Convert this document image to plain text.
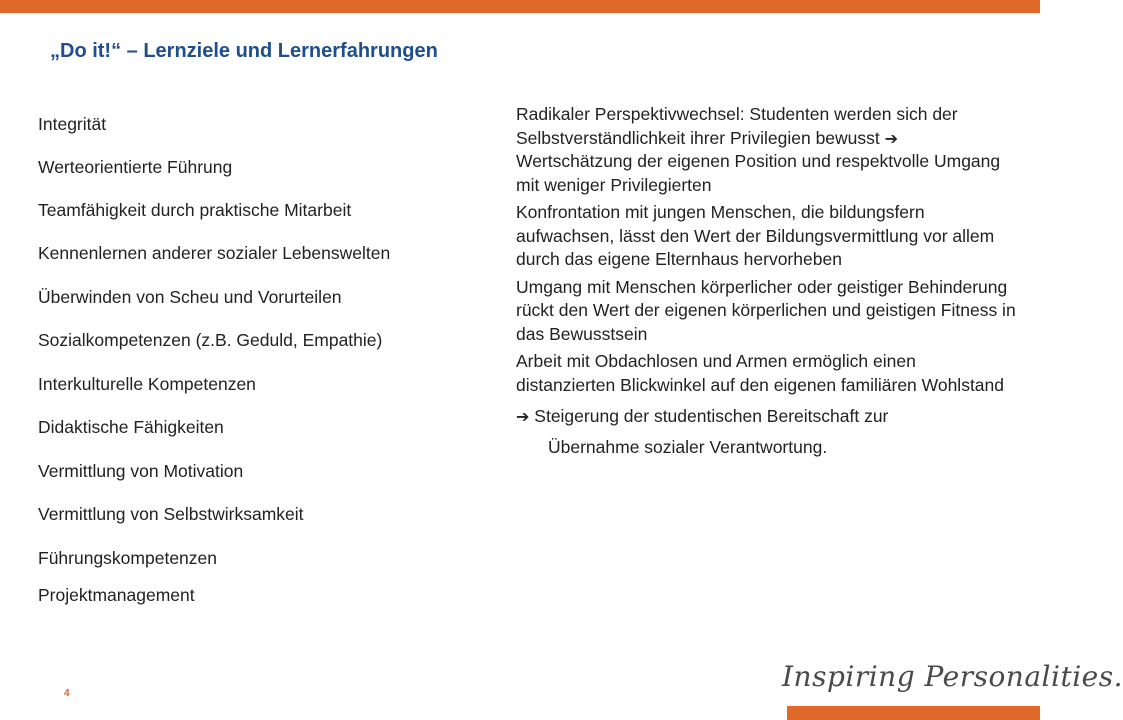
„Do it!“ – Lernziele und Lernerfahrungen
Integrität
Werteorientierte Führung
Teamfähigkeit durch praktische Mitarbeit
Kennenlernen anderer sozialer Lebenswelten
Überwinden von Scheu und Vorurteilen
Sozialkompetenzen (z.B. Geduld, Empathie)
Interkulturelle Kompetenzen
Didaktische Fähigkeiten
Vermittlung von Motivation
Vermittlung von Selbstwirksamkeit
Führungskompetenzen
Projektmanagement

Radikaler Perspektivwechsel: Studenten werden sich der Selbstverständlichkeit ihrer Privilegien bewusst ➔ Wertschätzung der eigenen Position und respektvolle Umgang mit weniger Privilegierten

Konfrontation mit jungen Menschen, die bildungsfern aufwachsen, lässt den Wert der Bildungsvermittlung vor allem durch das eigene Elternhaus hervorheben

Umgang mit Menschen körperlicher oder geistiger Behinderung rückt den Wert der eigenen körperlichen und geistigen Fitness in das Bewusstsein

Arbeit mit Obdachlosen und Armen ermöglich einen distanzierten Blickwinkel auf den eigenen familiären Wohlstand

➔ Steigerung der studentischen Bereitschaft zur
Übernahme sozialer Verantwortung.

4
Inspiring Personalities.
